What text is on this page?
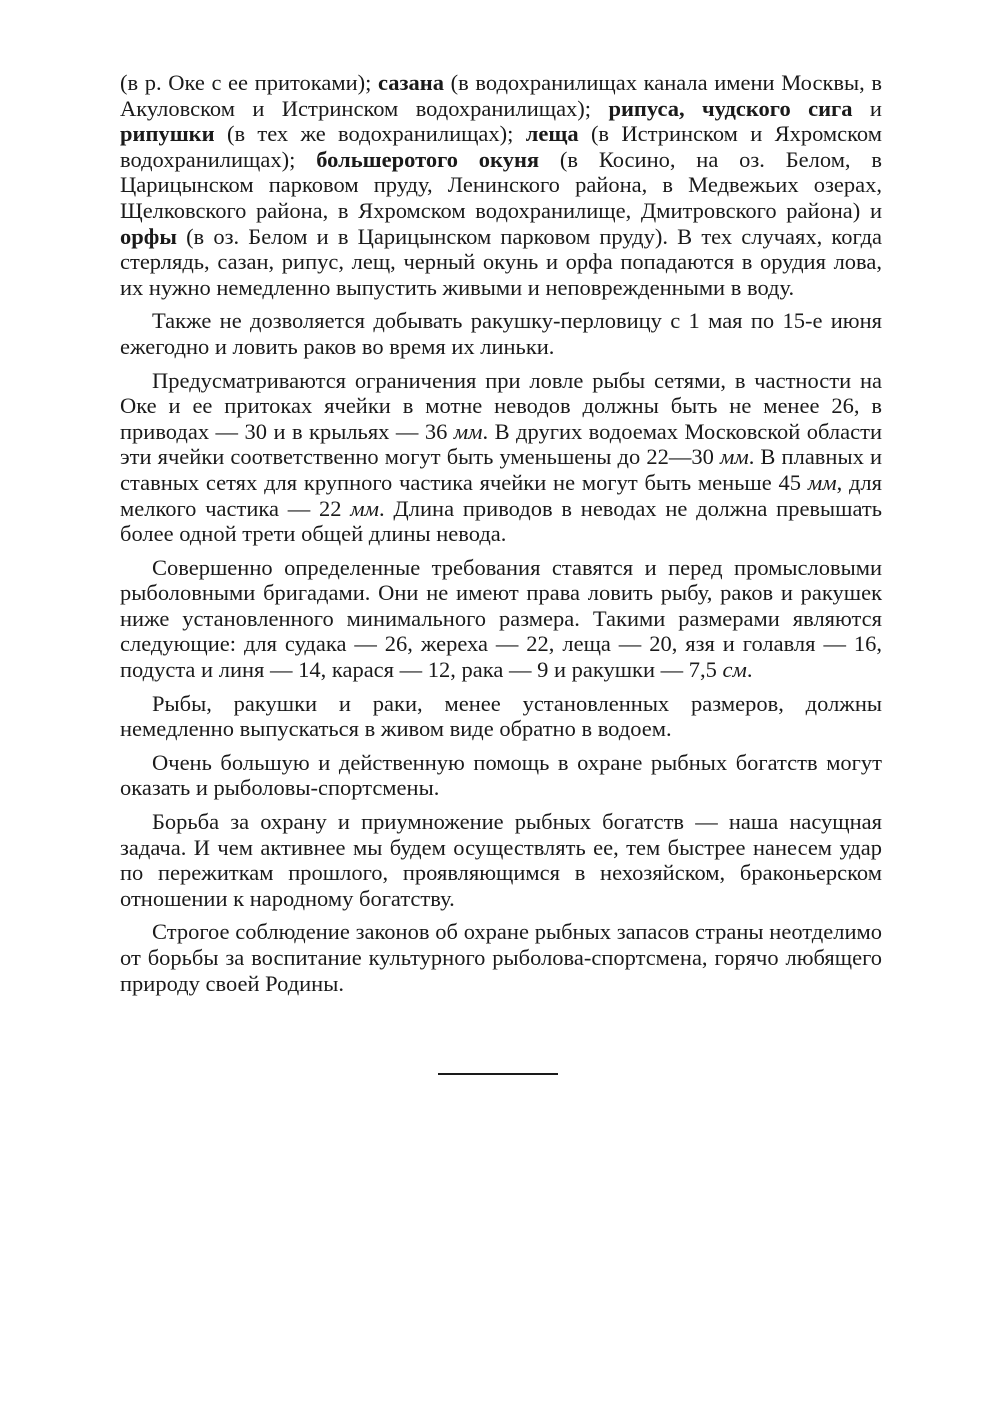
(в р. Оке с ее притоками); сазана (в водохранилищах канала имени Москвы, в Акуловском и Истринском водохранилищах); рипуса, чудского сига и рипушки (в тех же водохранилищах); леща (в Истринском и Яхромском водохранилищах); большеротого окуня (в Косино, на оз. Белом, в Царицынском парковом пруду, Ленинского района, в Медвежьих озерах, Щелковского района, в Яхромском водохранилище, Дмитровского района) и орфы (в оз. Белом и в Царицынском парковом пруду). В тех случаях, когда стерлядь, сазан, рипус, лещ, черный окунь и орфа попадаются в орудия лова, их нужно немедленно выпустить живыми и неповрежденными в воду.

Также не дозволяется добывать ракушку-перловицу с 1 мая по 15-е июня ежегодно и ловить раков во время их линьки.

Предусматриваются ограничения при ловле рыбы сетями, в частности на Оке и ее притоках ячейки в мотне неводов должны быть не менее 26, в приводах — 30 и в крыльях — 36 мм. В других водоемах Московской области эти ячейки соответственно могут быть уменьшены до 22—30 мм. В плавных и ставных сетях для крупного частика ячейки не могут быть меньше 45 мм, для мелкого частика — 22 мм. Длина приводов в неводах не должна превышать более одной трети общей длины невода.

Совершенно определенные требования ставятся и перед промысловыми рыболовными бригадами. Они не имеют права ловить рыбу, раков и ракушек ниже установленного минимального размера. Такими размерами являются следующие: для судака — 26, жереха — 22, леща — 20, язя и голавля — 16, подуста и линя — 14, карася — 12, рака — 9 и ракушки — 7,5 см.

Рыбы, ракушки и раки, менее установленных размеров, должны немедленно выпускаться в живом виде обратно в водоем.

Очень большую и действенную помощь в охране рыбных богатств могут оказать и рыболовы-спортсмены.

Борьба за охрану и приумножение рыбных богатств — наша насущная задача. И чем активнее мы будем осуществлять ее, тем быстрее нанесем удар по пережиткам прошлого, проявляющимся в нехозяйском, браконьерском отношении к народному богатству.

Строгое соблюдение законов об охране рыбных запасов страны неотделимо от борьбы за воспитание культурного рыболова-спортсмена, горячо любящего природу своей Родины.
